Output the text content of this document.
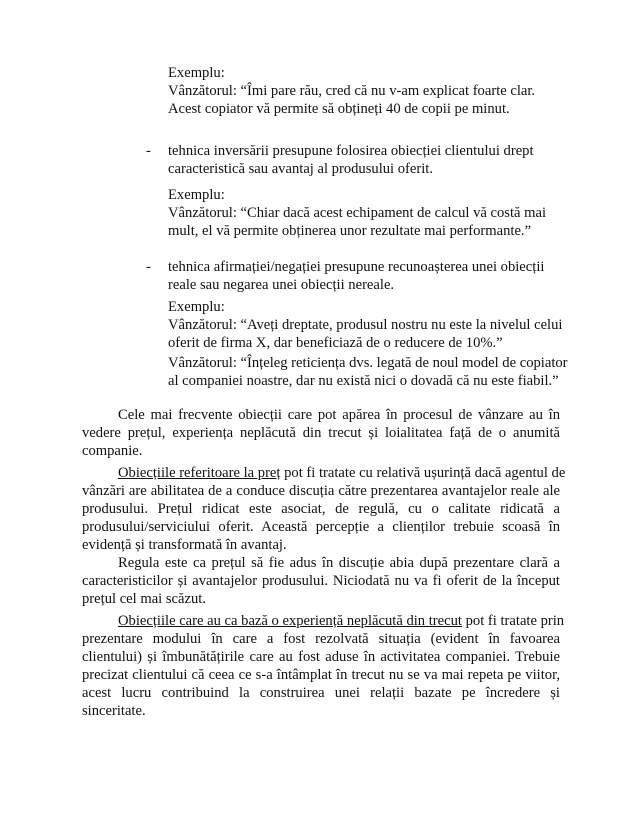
Exemplu:
Vânzătorul: “Îmi pare rău, cred că nu v-am explicat foarte clar.
Acest copiator vă permite să obțineți 40 de copii pe minut.
- tehnica inversării presupune folosirea obiecției clientului drept
caracteristică sau avantaj al produsului oferit.
Exemplu:
Vânzătorul: “Chiar dacă acest echipament de calcul vă costă mai
mult, el vă permite obținerea unor rezultate mai performante.”
- tehnica afirmației/negației presupune recunoașterea unei obiecții
reale sau negarea unei obiecții nereale.
Exemplu:
Vânzătorul: “Aveți dreptate, produsul nostru nu este la nivelul celui
oferit de firma X, dar beneficiază de o reducere de 10%.”
Vânzătorul: “Înțeleg reticiența dvs. legată de noul model de copiator
al companiei noastre, dar nu există nici o dovadă că nu este fiabil.”
Cele mai frecvente obiecții care pot apărea în procesul de vânzare au în
vedere prețul, experiența neplăcută din trecut și loialitatea față de o anumită
companie.
Obiecțiile referitoare la preț pot fi tratate cu relativă ușurință dacă agentul de
vânzări are abilitatea de a conduce discuția către prezentarea avantajelor reale ale
produsului. Prețul ridicat este asociat, de regulă, cu o calitate ridicată a
produsului/serviciului oferit. Această percepție a clienților trebuie scoasă în
evidență și transformată în avantaj.
Regula este ca prețul să fie adus în discuție abia după prezentare clară a
caracteristicilor și avantajelor produsului. Niciodată nu va fi oferit de la început
prețul cel mai scăzut.
Obiecțiile care au ca bază o experiență neplăcută din trecut pot fi tratate prin
prezentare modului în care a fost rezolvată situația (evident în favoarea
clientului) și îmbunătățirile care au fost aduse în activitatea companiei. Trebuie
precizat clientului că ceea ce s-a întâmplat în trecut nu se va mai repeta pe viitor,
acest lucru contribuind la construirea unei relații bazate pe încredere și
sinceritate.
